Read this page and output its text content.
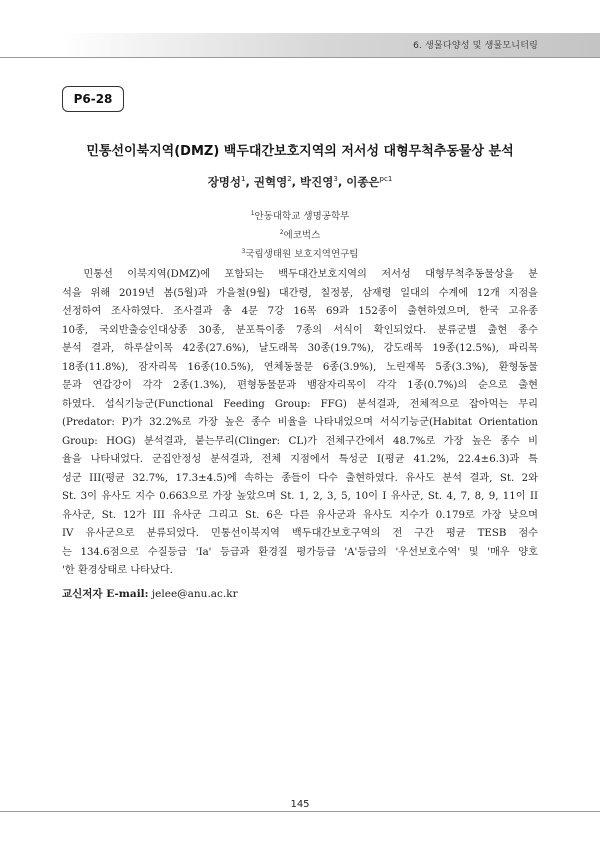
6. 생물다양성 및 생물모니터링
P6-28
민통선이북지역(DMZ) 백두대간보호지역의 저서성 대형무척추동물상 분석
장명성$^1$, 권혁영$^2$, 박진영$^3$, 이종은$^{pc1}$
$^1$안동대학교 생명공학부
$^2$에코벅스
$^3$국립생태원 보호지역연구팀
　민통선 이북지역(DMZ)에 포함되는 백두대간보호지역의 저서성 대형무척추동물상을 분
석을 위해 2019년 봄(5월)과 가을철(9월) 대간령, 칠정봉, 삼재령 일대의 수계에 12개 지점을
선정하여 조사하였다. 조사결과 총 4문 7강 16목 69과 152종이 출현하였으며, 한국 고유종
10종, 국외반출승인대상종 30종, 분포특이종 7종의 서식이 확인되었다. 분류군별 출현 종수
분석 결과, 하루살이목 42종(27.6%), 날도래목 30종(19.7%), 강도래목 19종(12.5%), 파리목
18종(11.8%), 잠자리목 16종(10.5%), 연체동물문 6종(3.9%), 노린재목 5종(3.3%), 환형동물
문과 연갑강이 각각 2종(1.3%), 편형동물문과 뱀잠자리목이 각각 1종(0.7%)의 순으로 출현
하였다. 섭식기능군(Functional Feeding Group: FFG) 분석결과, 전체적으로 잡아먹는 무리
(Predator: P)가 32.2%로 가장 높은 종수 비율을 나타내었으며 서식기능군(Habitat Orientation
Group: HOG) 분석결과, 붙는무리(Clinger: CL)가 전체구간에서 48.7%로 가장 높은 종수 비
율을 나타내었다. 군집안정성 분석결과, 전체 지점에서 특성군 I(평균 41.2%, 22.4±6.3)과 특
성군 III(평균 32.7%, 17.3±4.5)에 속하는 종들이 다수 출현하였다. 유사도 분석 결과, St. 2와
St. 3이 유사도 지수 0.663으로 가장 높았으며 St. 1, 2, 3, 5, 10이 I 유사군, St. 4, 7, 8, 9, 11이 II
유사군, St. 12가 III 유사군 그리고 St. 6은 다른 유사군과 유사도 지수가 0.179로 가장 낮으며
IV 유사군으로 분류되었다. 민통선이북지역 백두대간보호구역의 전 구간 평균 TESB 점수
는 134.6점으로 수질등급 'Ia' 등급과 환경질 평가등급 'A'등급의 '우선보호수역' 및 '매우 양호
'한 환경상태로 나타났다.
교신저자 E-mail: jelee@anu.ac.kr
145
